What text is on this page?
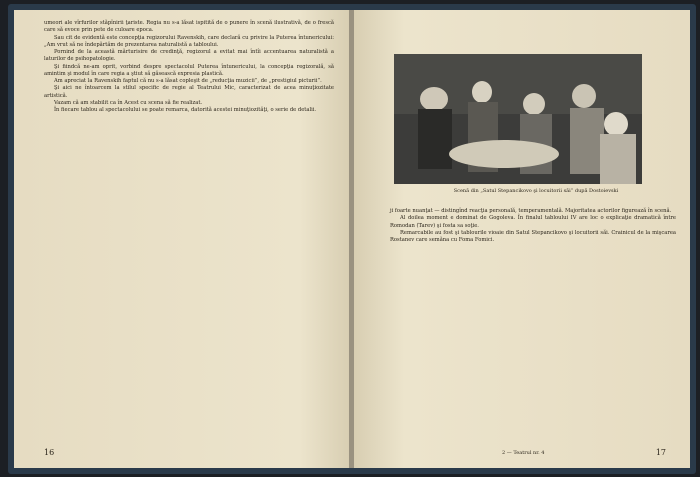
umeori ale vîrfurilor stăpînirii ţariste. Regia nu s-a lăsat ispitită de o punere în scenă ilustrativă, de o frescă care să evoce prin pete de culoare epoca.

Sau cit de evidentă este concepţia regizorului Ravenskih, care declară cu privire la Puterea întunericului: „Am vrut să ne îndepărtăm de prezentarea naturalistă a tabloului.

Pornind de la această mărturisire de credinţă, regizorul a evitat mai întîi accentuarea naturalistă a laturilor de psihopatologie.

Şi fiindcă ne-am oprit, vorbind despre spectacolul Puterea întunericului, la concepţia regizorală, să amintim şi modul în care regia a ştiut să găsească expresia plastică.

Am apreciat la Ravenskih faptul că nu s-a lăsat copleşit de „reducţia muzicii”, de „prestigiul picturii”.

Şi aici ne întoarcem la stilul specific de regie al Teatrului Mic, caracterizat de acea minuţiozitate artistică.

Vazam că am stabilit ca în Acest cu scena să fie realizat.

În fiecare tablou al spectacolului se poate remarca, datorită acestei minuţiozităţi, o serie de detalii.

16
Scenă din „Satul Stepancikovo şi locuitorii săi” după Dostoievski

ji foarte nuanţat — distingînd reacţia personală, temperamentală. Majoritatea actorilor figurează în scenă.

Al doilea moment e dominat de Gogoleva. În finalul tabloului IV are loc o explicaţie dramatică între Romodan (Tarev) şi fosta sa soţie.

Remarcabile au fost şi tablourile vioaie din Satul Stepancikovo şi locuitorii săi. Crainicul de la mişcarea Rostanev care semăna cu Foma Fomici.

2 — Teatrul nr. 4	17
